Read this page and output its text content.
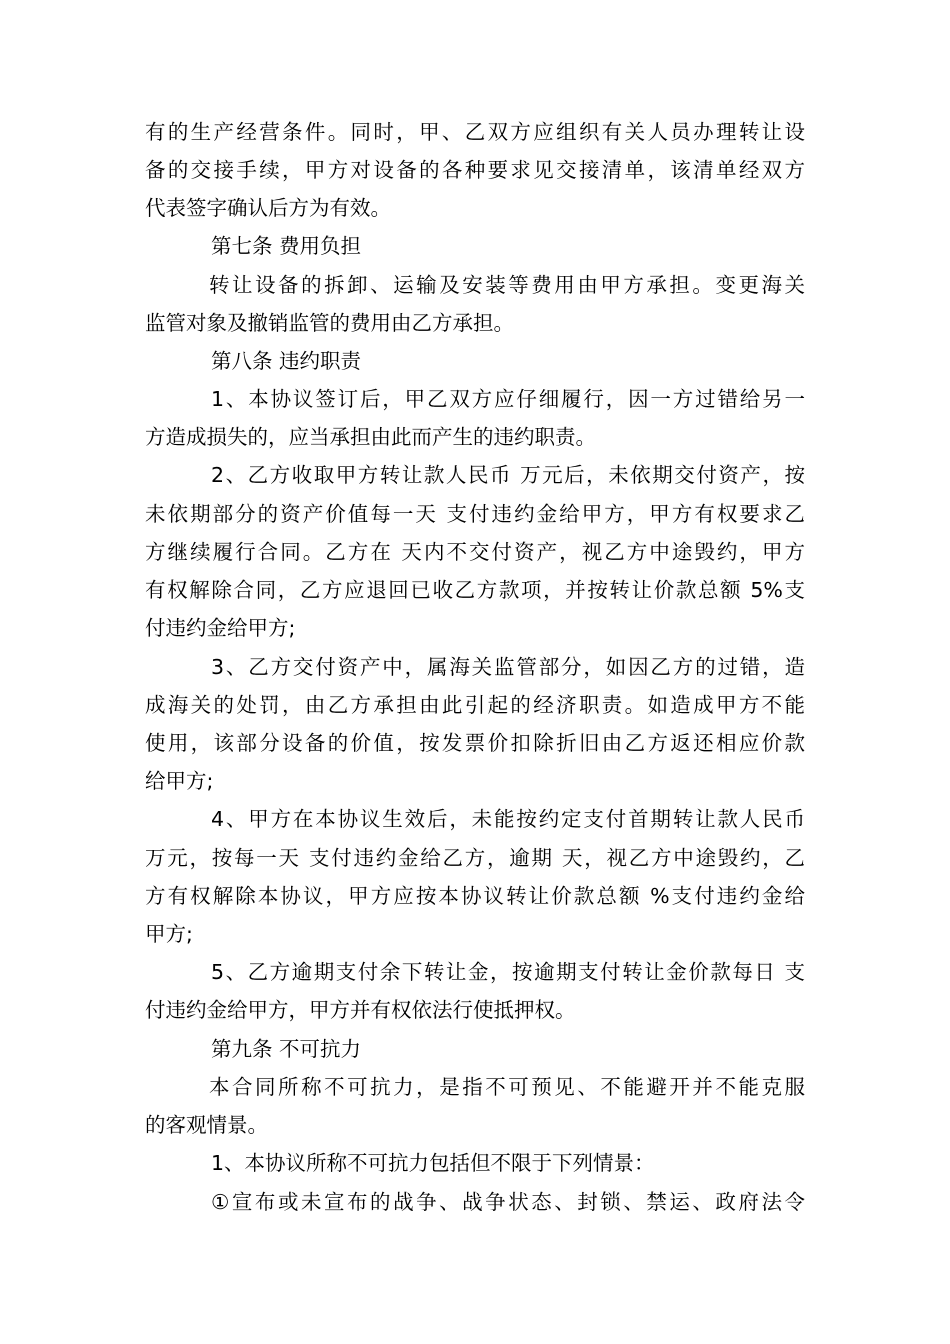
有的生产经营条件。同时，甲、乙双方应组织有关人员办理转让设
备的交接手续，甲方对设备的各种要求见交接清单，该清单经双方
代表签字确认后方为有效。
第七条 费用负担
转让设备的拆卸、运输及安装等费用由甲方承担。变更海关
监管对象及撤销监管的费用由乙方承担。
第八条 违约职责
1、本协议签订后，甲乙双方应仔细履行，因一方过错给另一
方造成损失的，应当承担由此而产生的违约职责。
2、乙方收取甲方转让款人民币 万元后，未依期交付资产，按
未依期部分的资产价值每一天 支付违约金给甲方，甲方有权要求乙
方继续履行合同。乙方在 天内不交付资产，视乙方中途毁约，甲方
有权解除合同，乙方应退回已收乙方款项，并按转让价款总额 5%支
付违约金给甲方;
3、乙方交付资产中，属海关监管部分，如因乙方的过错，造
成海关的处罚，由乙方承担由此引起的经济职责。如造成甲方不能
使用，该部分设备的价值，按发票价扣除折旧由乙方返还相应价款
给甲方;
4、甲方在本协议生效后，未能按约定支付首期转让款人民币
万元，按每一天 支付违约金给乙方，逾期 天，视乙方中途毁约，乙
方有权解除本协议，甲方应按本协议转让价款总额 %支付违约金给
甲方;
5、乙方逾期支付余下转让金，按逾期支付转让金价款每日 支
付违约金给甲方，甲方并有权依法行使抵押权。
第九条 不可抗力
本合同所称不可抗力，是指不可预见、不能避开并不能克服
的客观情景。
1、本协议所称不可抗力包括但不限于下列情景：
①宣布或未宣布的战争、战争状态、封锁、禁运、政府法令
